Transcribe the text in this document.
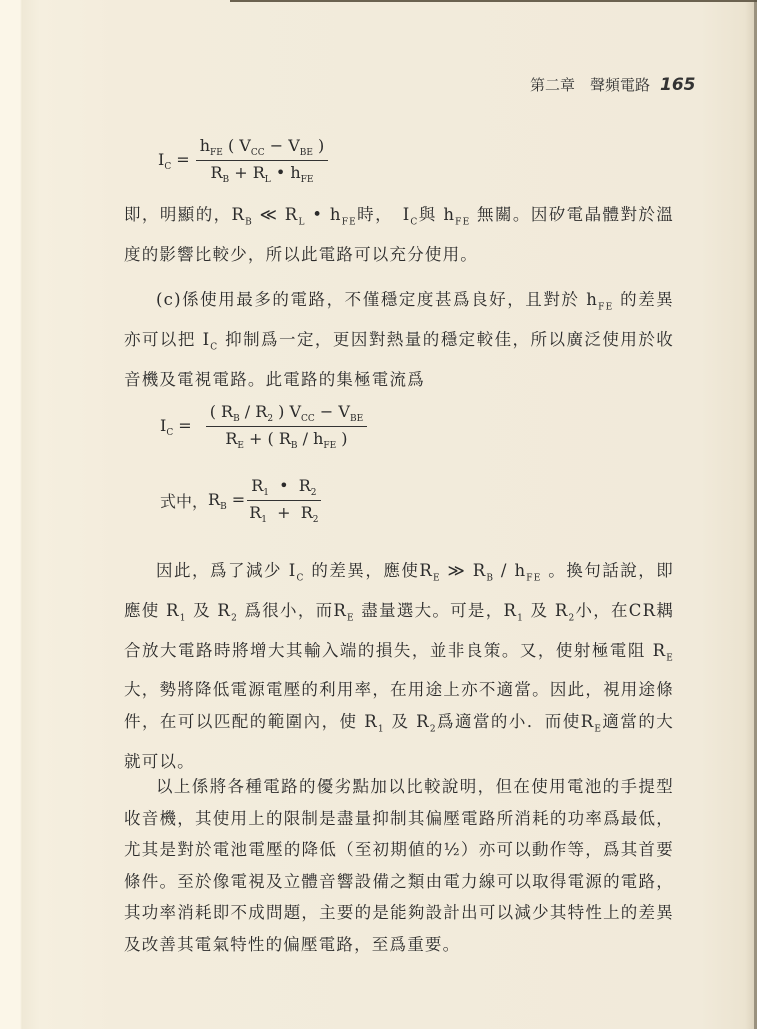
第二章　聲頻電路 165
$I_C = \frac{h_{FE} ( V_{CC} - V_{BE} )}{R_B + R_L • h_{FE}}$

即，明顯的，$R_B$ ≪ $R_L$ • $h_{FE}$時，　$I_C$與 $h_{FE}$ 無關。因矽電晶體對於溫度的影響比較少，所以此電路可以充分使用。

(c)係使用最多的電路，不僅穩定度甚爲良好，且對於 $h_{FE}$ 的差異亦可以把 $I_C$ 抑制爲一定，更因對熱量的穩定較佳，所以廣泛使用於收音機及電視電路。此電路的集極電流爲

$I_C = \frac{( R_B / R_2 ) V_{CC} - V_{BE}}{R_E + ( R_B / h_{FE} )}$
式中， $R_B = \frac{R_1 • R_2}{R_1 + R_2}$

因此，爲了減少 $I_C$ 的差異，應使$R_E$ ≫ $R_B / h_{FE}$ 。換句話說，即應使 $R_1$ 及 $R_2$ 爲很小，而$R_E$ 盡量選大。可是，$R_1$ 及 $R_2$小，在CR耦合放大電路時將增大其輸入端的損失，並非良策。又，使射極電阻 $R_E$大，勢將降低電源電壓的利用率，在用途上亦不適當。因此，視用途條件，在可以匹配的範圍內，使 $R_1$ 及 $R_2$爲適當的小．而使$R_E$適當的大就可以。

以上係將各種電路的優劣點加以比較說明，但在使用電池的手提型收音機，其使用上的限制是盡量抑制其偏壓電路所消耗的功率爲最低，尤其是對於電池電壓的降低（至初期値的½）亦可以動作等，爲其首要條件。至於像電視及立體音響設備之類由電力線可以取得電源的電路，其功率消耗即不成問題，主要的是能夠設計出可以減少其特性上的差異及改善其電氣特性的偏壓電路，至爲重要。
